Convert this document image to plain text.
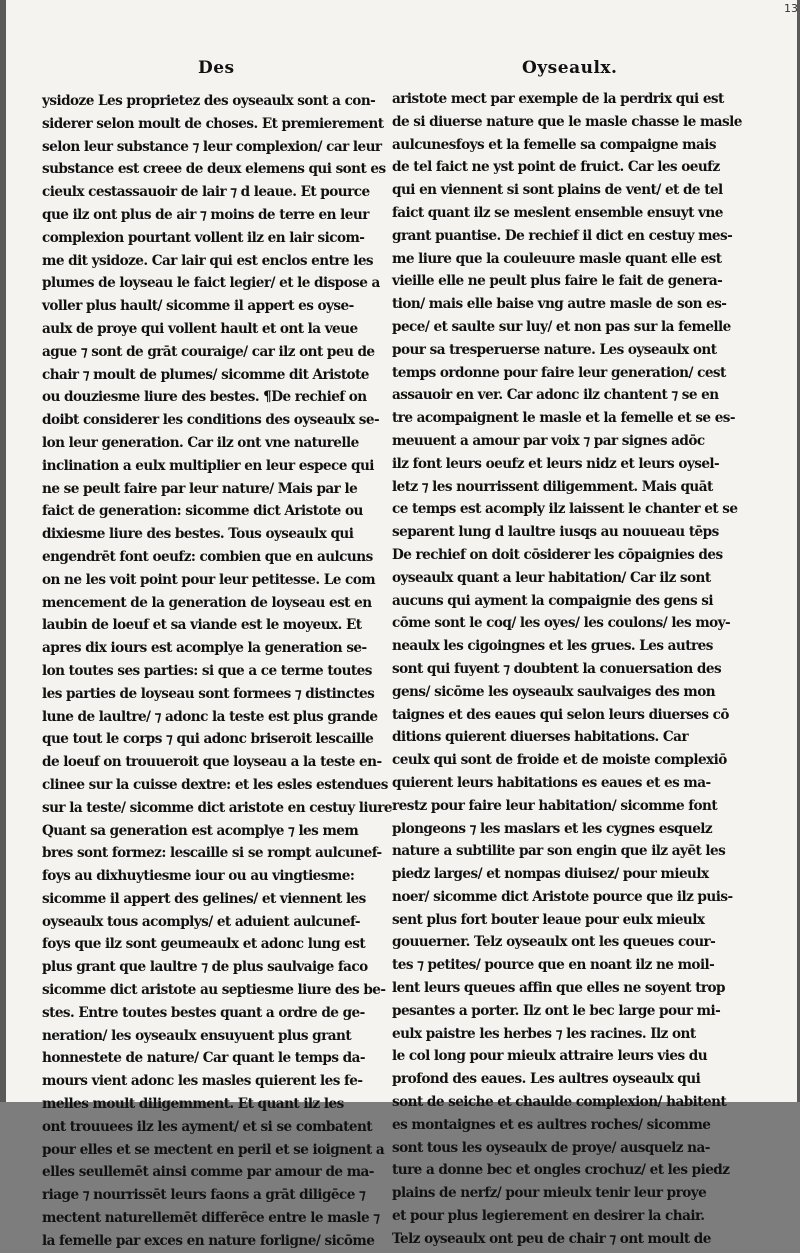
13
Des	Oyseaulx.
ysidoze Les proprietez des oyseaulx sont a con-
siderer selon moult de choses. Et premierement
selon leur substance ⁊ leur complexion/ car leur
substance est creee de deux elemens qui sont es
cieulx cestassauoir de lair ⁊ d leaue. Et pource
que ilz ont plus de air ⁊ moins de terre en leur
complexion pourtant vollent ilz en lair sicom-
me dit ysidoze. Car lair qui est enclos entre les
plumes de loyseau le faict legier/ et le dispose a
voller plus hault/ sicomme il appert es oyse-
aulx de proye qui vollent hault et ont la veue
ague ⁊ sont de grāt couraige/ car ilz ont peu de
chair ⁊ moult de plumes/ sicomme dit Aristote
ou douziesme liure des bestes. ¶De rechief on
doibt considerer les conditions des oyseaulx se-
lon leur generation. Car ilz ont vne naturelle
inclination a eulx multiplier en leur espece qui
ne se peult faire par leur nature/ Mais par le
faict de generation: sicomme dict Aristote ou
dixiesme liure des bestes. Tous oyseaulx qui
engendrēt font oeufz: combien que en aulcuns
on ne les voit point pour leur petitesse. Le com
mencement de la generation de loyseau est en
laubin de loeuf et sa viande est le moyeux. Et
apres dix iours est acomplye la generation se-
lon toutes ses parties: si que a ce terme toutes
les parties de loyseau sont formees ⁊ distinctes
lune de laultre/ ⁊ adonc la teste est plus grande
que tout le corps ⁊ qui adonc briseroit lescaille
de loeuf on trouueroit que loyseau a la teste en-
clinee sur la cuisse dextre: et les esles estendues
sur la teste/ sicomme dict aristote en cestuy liure
Quant sa generation est acomplye ⁊ les mem
bres sont formez: lescaille si se rompt aulcunef-
foys au dixhuytiesme iour ou au vingtiesme:
sicomme il appert des gelines/ et viennent les
oyseaulx tous acomplys/ et aduient aulcunef-
foys que ilz sont geumeaulx et adonc lung est
plus grant que laultre ⁊ de plus saulvaige faco
sicomme dict aristote au septiesme liure des be-
stes. Entre toutes bestes quant a ordre de ge-
neration/ les oyseaulx ensuyuent plus grant
honnestete de nature/ Car quant le temps da-
mours vient adonc les masles quierent les fe-
melles moult diligemment. Et quant ilz les
ont trouuees ilz les ayment/ et si se combatent
pour elles et se mectent en peril et se ioignent a
elles seullemēt ainsi comme par amour de ma-
riage ⁊ nourrissēt leurs faons a grāt diligēce ⁊
mectent naturellemēt differēce entre le masle ⁊
la femelle par exces en nature forligne/ sicōme
aristote mect par exemple de la perdrix qui est
de si diuerse nature que le masle chasse le masle
aulcunesfoys et la femelle sa compaigne mais
de tel faict ne yst point de fruict. Car les oeufz
qui en viennent si sont plains de vent/ et de tel
faict quant ilz se meslent ensemble ensuyt vne
grant puantise. De rechief il dict en cestuy mes-
me liure que la couleuure masle quant elle est
vieille elle ne peult plus faire le fait de genera-
tion/ mais elle baise vng autre masle de son es-
pece/ et saulte sur luy/ et non pas sur la femelle
pour sa tresperuerse nature. Les oyseaulx ont
temps ordonne pour faire leur generation/ cest
assauoir en ver. Car adonc ilz chantent ⁊ se en
tre acompaignent le masle et la femelle et se es-
meuuent a amour par voix ⁊ par signes adōc
ilz font leurs oeufz et leurs nidz et leurs oysel-
letz ⁊ les nourrissent diligemment. Mais quāt
ce temps est acomply ilz laissent le chanter et se
separent lung d laultre iusqs au nouueau tēps
De rechief on doit cōsiderer les cōpaignies des
oyseaulx quant a leur habitation/ Car ilz sont
aucuns qui ayment la compaignie des gens si
cōme sont le coq/ les oyes/ les coulons/ les moy-
neaulx les cigoingnes et les grues. Les autres
sont qui fuyent ⁊ doubtent la conuersation des
gens/ sicōme les oyseaulx saulvaiges des mon
taignes et des eaues qui selon leurs diuerses cō
ditions quierent diuerses habitations. Car
ceulx qui sont de froide et de moiste complexiō
quierent leurs habitations es eaues et es ma-
restz pour faire leur habitation/ sicomme font
plongeons ⁊ les maslars et les cygnes esquelz
nature a subtilite par son engin que ilz ayēt les
piedz larges/ et nompas diuisez/ pour mieulx
noer/ sicomme dict Aristote pource que ilz puis-
sent plus fort bouter leaue pour eulx mieulx
gouuerner. Telz oyseaulx ont les queues cour-
tes ⁊ petites/ pource que en noant ilz ne moil-
lent leurs queues affin que elles ne soyent trop
pesantes a porter. Ilz ont le bec large pour mi-
eulx paistre les herbes ⁊ les racines. Ilz ont
le col long pour mieulx attraire leurs vies du
profond des eaues. Les aultres oyseaulx qui
sont de seiche et chaulde complexion/ habitent
es montaignes et es aultres roches/ sicomme
sont tous les oyseaulx de proye/ ausquelz na-
ture a donne bec et ongles crochuz/ et les piedz
plains de nerfz/ pour mieulx tenir leur proye
et pour plus legierement en desirer la chair.
Telz oyseaulx ont peu de chair ⁊ ont moult de
